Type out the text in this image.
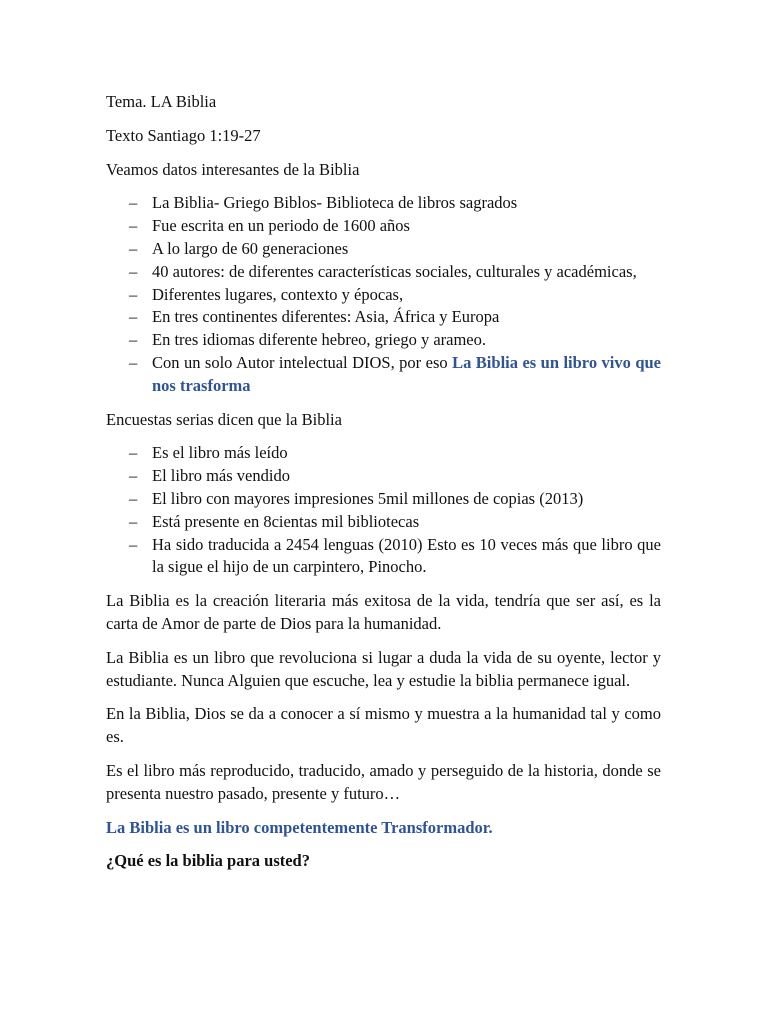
Tema. LA Biblia

Texto Santiago 1:19-27

Veamos datos interesantes de la Biblia

– La Biblia- Griego Biblos- Biblioteca de libros sagrados
– Fue escrita en un periodo de 1600 años
– A lo largo de 60 generaciones
– 40 autores: de diferentes características sociales, culturales y académicas,
– Diferentes lugares, contexto y épocas,
– En tres continentes diferentes: Asia, África y Europa
– En tres idiomas diferente hebreo, griego y arameo.
– Con un solo Autor intelectual DIOS, por eso La Biblia es un libro vivo que nos trasforma

Encuestas serias dicen que la Biblia

– Es el libro más leído
– El libro más vendido
– El libro con mayores impresiones 5mil millones de copias (2013)
– Está presente en 8cientas mil bibliotecas
– Ha sido traducida a 2454 lenguas (2010) Esto es 10 veces más que libro que la sigue el hijo de un carpintero, Pinocho.

La Biblia es la creación literaria más exitosa de la vida, tendría que ser así, es la carta de Amor de parte de Dios para la humanidad.

La Biblia es un libro que revoluciona si lugar a duda la vida de su oyente, lector y estudiante. Nunca Alguien que escuche, lea y estudie la biblia permanece igual.

En la Biblia, Dios se da a conocer a sí mismo y muestra a la humanidad tal y como es.

Es el libro más reproducido, traducido, amado y perseguido de la historia, donde se presenta nuestro pasado, presente y futuro…

La Biblia es un libro competentemente Transformador.

¿Qué es la biblia para usted?
